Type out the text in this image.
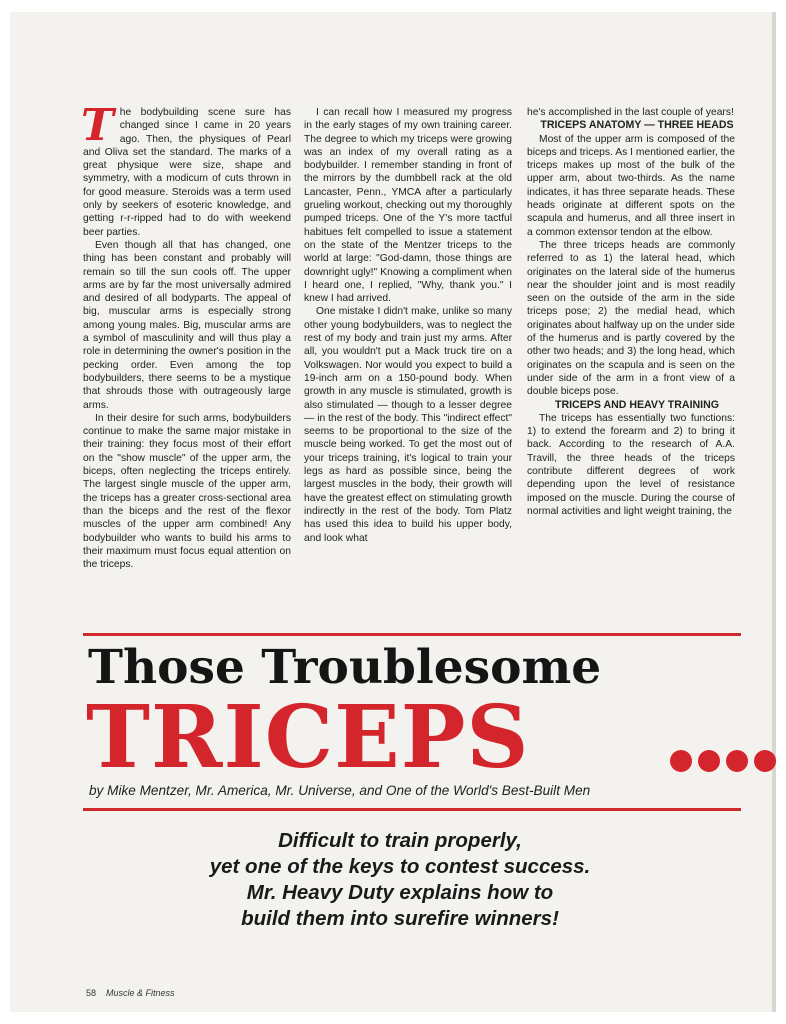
The bodybuilding scene sure has changed since I came in 20 years ago. Then, the physiques of Pearl and Oliva set the standard. The marks of a great physique were size, shape and symmetry, with a modicum of cuts thrown in for good measure. Steroids was a term used only by seekers of esoteric knowledge, and getting r-r-ripped had to do with weekend beer parties.

Even though all that has changed, one thing has been constant and probably will remain so till the sun cools off. The upper arms are by far the most universally admired and desired of all bodyparts. The appeal of big, muscular arms is especially strong among young males. Big, muscular arms are a symbol of masculinity and will thus play a role in determining the owner's position in the pecking order. Even among the top bodybuilders, there seems to be a mystique that shrouds those with outrageously large arms.

In their desire for such arms, bodybuilders continue to make the same major mistake in their training: they focus most of their effort on the "show muscle" of the upper arm, the biceps, often neglecting the triceps entirely. The largest single muscle of the upper arm, the triceps has a greater cross-sectional area than the biceps and the rest of the flexor muscles of the upper arm combined! Any bodybuilder who wants to build his arms to their maximum must focus equal attention on the triceps.

I can recall how I measured my progress in the early stages of my own training career. The degree to which my triceps were growing was an index of my overall rating as a bodybuilder. I remember standing in front of the mirrors by the dumbbell rack at the old Lancaster, Penn., YMCA after a particularly grueling workout, checking out my thoroughly pumped triceps. One of the Y's more tactful habitues felt compelled to issue a statement on the state of the Mentzer triceps to the world at large: "God-damn, those things are downright ugly!" Knowing a compliment when I heard one, I replied, "Why, thank you." I knew I had arrived.

One mistake I didn't make, unlike so many other young bodybuilders, was to neglect the rest of my body and train just my arms. After all, you wouldn't put a Mack truck tire on a Volkswagen. Nor would you expect to build a 19-inch arm on a 150-pound body. When growth in any muscle is stimulated, growth is also stimulated — though to a lesser degree — in the rest of the body. This "indirect effect" seems to be proportional to the size of the muscle being worked. To get the most out of your triceps training, it's logical to train your legs as hard as possible since, being the largest muscles in the body, their growth will have the greatest effect on stimulating growth indirectly in the rest of the body. Tom Platz has used this idea to build his upper body, and look what

he's accomplished in the last couple of years!

TRICEPS ANATOMY — THREE HEADS

Most of the upper arm is composed of the biceps and triceps. As I mentioned earlier, the triceps makes up most of the bulk of the upper arm, about two-thirds. As the name indicates, it has three separate heads. These heads originate at different spots on the scapula and humerus, and all three insert in a common extensor tendon at the elbow.

The three triceps heads are commonly referred to as 1) the lateral head, which originates on the lateral side of the humerus near the shoulder joint and is most readily seen on the outside of the arm in the side triceps pose; 2) the medial head, which originates about halfway up on the under side of the humerus and is partly covered by the other two heads; and 3) the long head, which originates on the scapula and is seen on the under side of the arm in a front view of a double biceps pose.

TRICEPS AND HEAVY TRAINING

The triceps has essentially two functions: 1) to extend the forearm and 2) to bring it back. According to the research of A.A. Travill, the three heads of the triceps contribute different degrees of work depending upon the level of resistance imposed on the muscle. During the course of normal activities and light weight training, the

Those Troublesome
TRICEPS
by Mike Mentzer, Mr. America, Mr. Universe, and One of the World's Best-Built Men
Difficult to train properly,
yet one of the keys to contest success.
Mr. Heavy Duty explains how to
build them into surefire winners!
58 Muscle & Fitness
